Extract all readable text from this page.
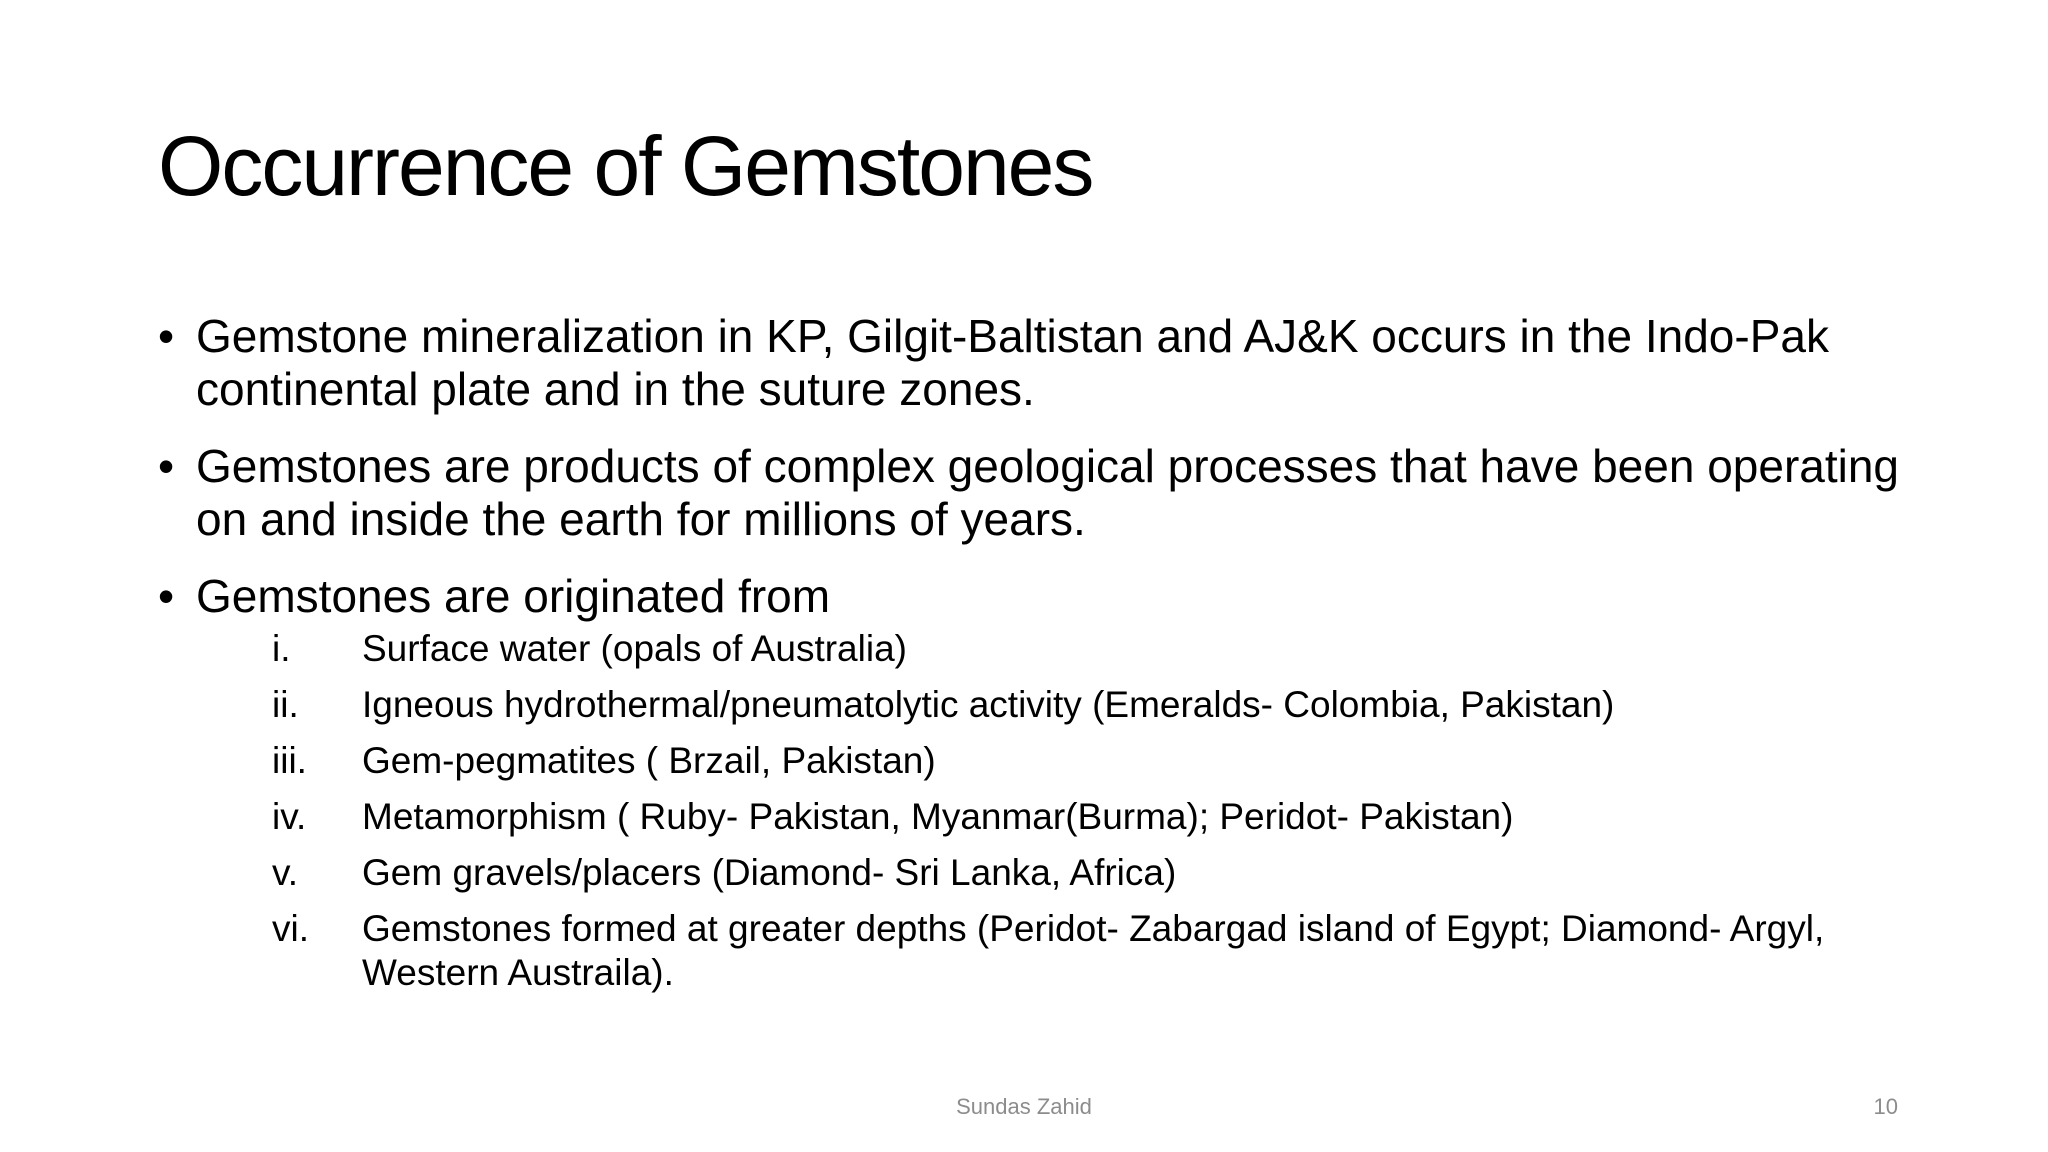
Occurrence of Gemstones
• Gemstone mineralization in KP, Gilgit-Baltistan and AJ&K occurs in the Indo-Pak continental plate and in the suture zones.
• Gemstones are products of complex geological processes that have been operating on and inside the earth for millions of years.
• Gemstones are originated from
i. Surface water (opals of Australia)
ii. Igneous hydrothermal/pneumatolytic activity (Emeralds- Colombia, Pakistan)
iii. Gem-pegmatites ( Brzail, Pakistan)
iv. Metamorphism ( Ruby- Pakistan, Myanmar(Burma); Peridot- Pakistan)
v. Gem gravels/placers (Diamond- Sri Lanka, Africa)
vi. Gemstones formed at greater depths (Peridot- Zabargad island of Egypt; Diamond- Argyl, Western Austraila).
Sundas Zahid	10
